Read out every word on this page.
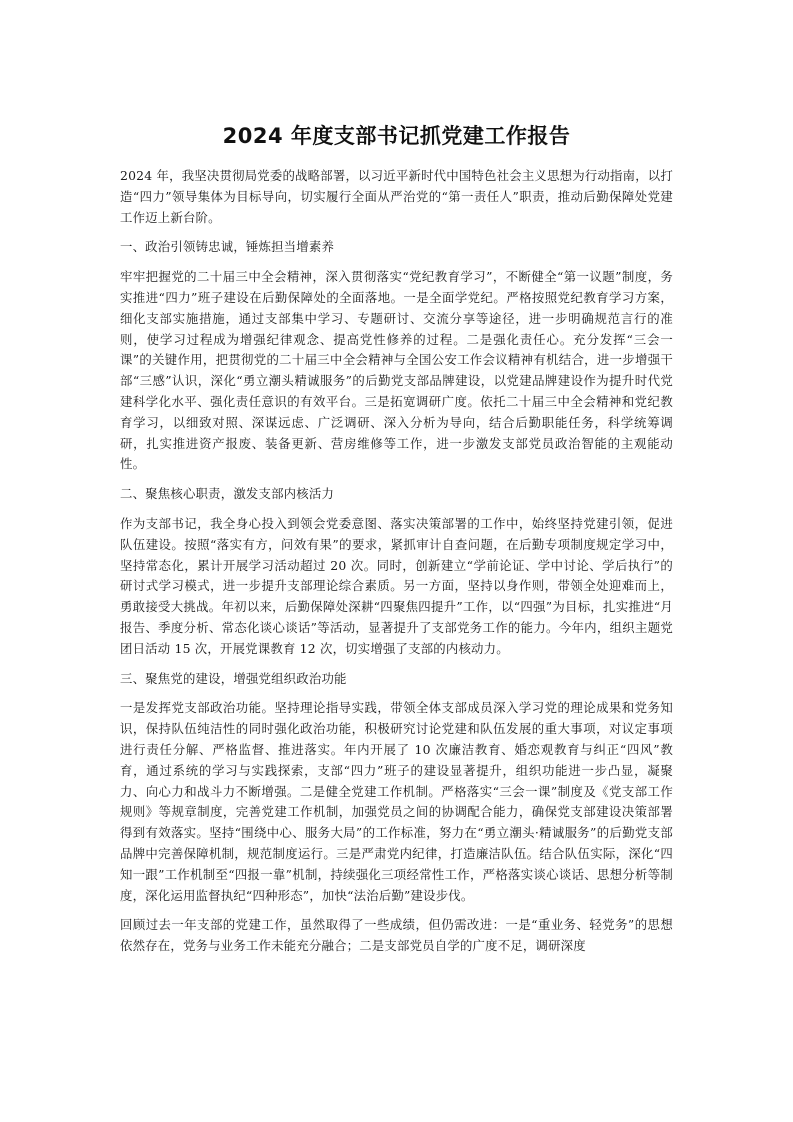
2024 年度支部书记抓党建工作报告

2024 年，我坚决贯彻局党委的战略部署，以习近平新时代中国特色社会主义思想为行动指南，以打造“四力”领导集体为目标导向，切实履行全面从严治党的“第一责任人”职责，推动后勤保障处党建工作迈上新台阶。

一、政治引领铸忠诚，锤炼担当增素养

牢牢把握党的二十届三中全会精神，深入贯彻落实“党纪教育学习”，不断健全“第一议题”制度，务实推进“四力”班子建设在后勤保障处的全面落地。一是全面学党纪。严格按照党纪教育学习方案，细化支部实施措施，通过支部集中学习、专题研讨、交流分享等途径，进一步明确规范言行的准则，使学习过程成为增强纪律观念、提高党性修养的过程。二是强化责任心。充分发挥“三会一课”的关键作用，把贯彻党的二十届三中全会精神与全国公安工作会议精神有机结合，进一步增强干部“三感”认识，深化“勇立潮头精诚服务”的后勤党支部品牌建设，以党建品牌建设作为提升时代党建科学化水平、强化责任意识的有效平台。三是拓宽调研广度。依托二十届三中全会精神和党纪教育学习，以细致对照、深谋远虑、广泛调研、深入分析为导向，结合后勤职能任务，科学统筹调研，扎实推进资产报废、装备更新、营房维修等工作，进一步激发支部党员政治智能的主观能动性。

二、聚焦核心职责，激发支部内核活力

作为支部书记，我全身心投入到领会党委意图、落实决策部署的工作中，始终坚持党建引领，促进队伍建设。按照“落实有方，问效有果”的要求，紧抓审计自查问题，在后勤专项制度规定学习中，坚持常态化，累计开展学习活动超过 20 次。同时，创新建立“学前论证、学中讨论、学后执行”的研讨式学习模式，进一步提升支部理论综合素质。另一方面，坚持以身作则，带领全处迎难而上，勇敢接受大挑战。年初以来，后勤保障处深耕“四聚焦四提升”工作，以“四强”为目标，扎实推进“月报告、季度分析、常态化谈心谈话”等活动，显著提升了支部党务工作的能力。今年内，组织主题党团日活动 15 次，开展党课教育 12 次，切实增强了支部的内核动力。

三、聚焦党的建设，增强党组织政治功能

一是发挥党支部政治功能。坚持理论指导实践，带领全体支部成员深入学习党的理论成果和党务知识，保持队伍纯洁性的同时强化政治功能，积极研究讨论党建和队伍发展的重大事项，对议定事项进行责任分解、严格监督、推进落实。年内开展了 10 次廉洁教育、婚恋观教育与纠正“四风”教育，通过系统的学习与实践探索，支部“四力”班子的建设显著提升，组织功能进一步凸显，凝聚力、向心力和战斗力不断增强。二是健全党建工作机制。严格落实“三会一课”制度及《党支部工作规则》等规章制度，完善党建工作机制，加强党员之间的协调配合能力，确保党支部建设决策部署得到有效落实。坚持“围绕中心、服务大局”的工作标准，努力在“勇立潮头·精诚服务”的后勤党支部品牌中完善保障机制，规范制度运行。三是严肃党内纪律，打造廉洁队伍。结合队伍实际，深化“四知一跟”工作机制至“四报一靠”机制，持续强化三项经常性工作，严格落实谈心谈话、思想分析等制度，深化运用监督执纪“四种形态”，加快“法治后勤”建设步伐。

回顾过去一年支部的党建工作，虽然取得了一些成绩，但仍需改进：一是“重业务、轻党务”的思想依然存在，党务与业务工作未能充分融合；二是支部党员自学的广度不足，调研深度
